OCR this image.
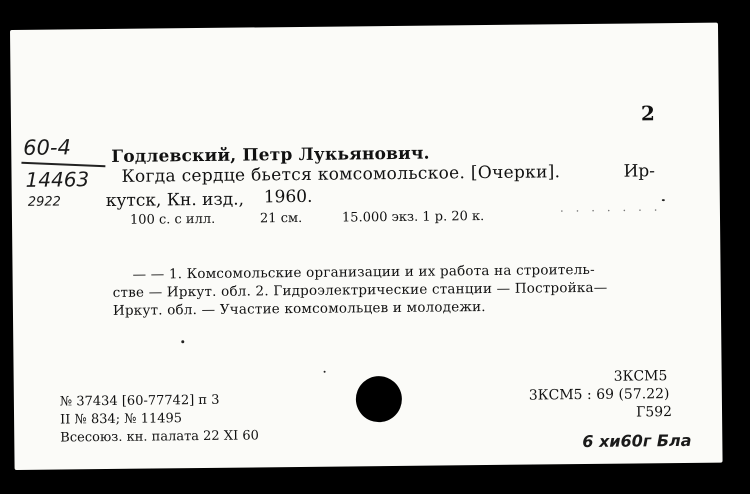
2
60-4
14463
2922
Годлевский, Петр Лукьянович.
Когда сердце бьется комсомольское. [Очерки].	Ир-
кутск, Кн. изд., 1960.
100 с. с илл.	21 см.	15.000 экз. 1 р. 20 к.	· · · · · · ·
— — 1. Комсомольские организации и их работа на строитель-
стве — Иркут. обл. 2. Гидроэлектрические станции — Постройка—
Иркут. обл. — Участие комсомольцев и молодежи.
№ 37434 [60-77742] п 3
II № 834; № 11495
Всесоюз. кн. палата 22 XI 60
3КСМ5
3КСМ5 : 69 (57.22)
Г592
6 xи60г Бла
